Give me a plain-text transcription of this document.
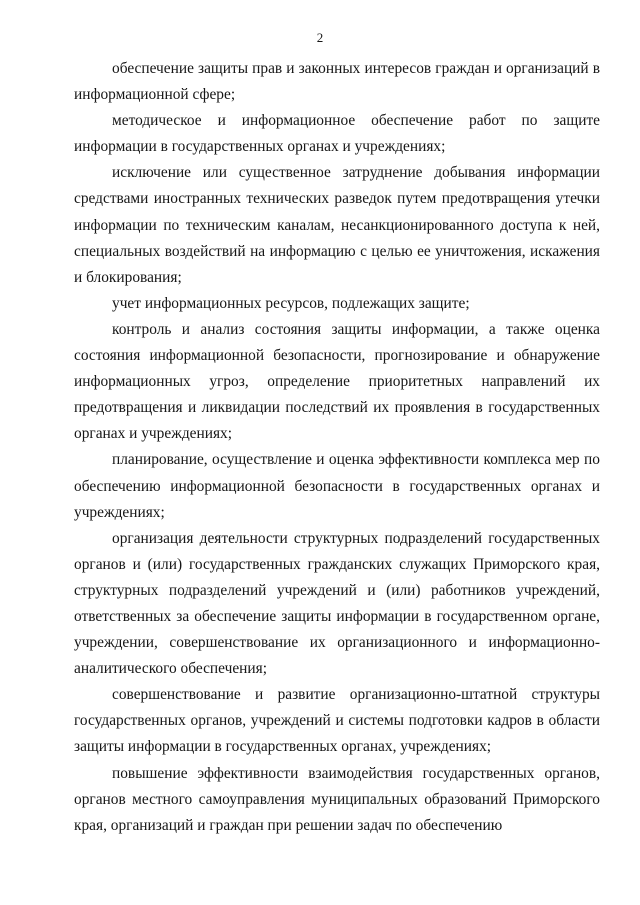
2

обеспечение защиты прав и законных интересов граждан и организаций в информационной сфере;

методическое и информационное обеспечение работ по защите информации в государственных органах и учреждениях;

исключение или существенное затруднение добывания информации средствами иностранных технических разведок путем предотвращения утечки информации по техническим каналам, несанкционированного доступа к ней, специальных воздействий на информацию с целью ее уничтожения, искажения и блокирования;

учет информационных ресурсов, подлежащих защите;

контроль и анализ состояния защиты информации, а также оценка состояния информационной безопасности, прогнозирование и обнаружение информационных угроз, определение приоритетных направлений их предотвращения и ликвидации последствий их проявления в государственных органах и учреждениях;

планирование, осуществление и оценка эффективности комплекса мер по обеспечению информационной безопасности в государственных органах и учреждениях;

организация деятельности структурных подразделений государственных органов и (или) государственных гражданских служащих Приморского края, структурных подразделений учреждений и (или) работников учреждений, ответственных за обеспечение защиты информации в государственном органе, учреждении, совершенствование их организационного и информационно-аналитического обеспечения;

совершенствование и развитие организационно-штатной структуры государственных органов, учреждений и системы подготовки кадров в области защиты информации в государственных органах, учреждениях;

повышение эффективности взаимодействия государственных органов, органов местного самоуправления муниципальных образований Приморского края, организаций и граждан при решении задач по обеспечению
